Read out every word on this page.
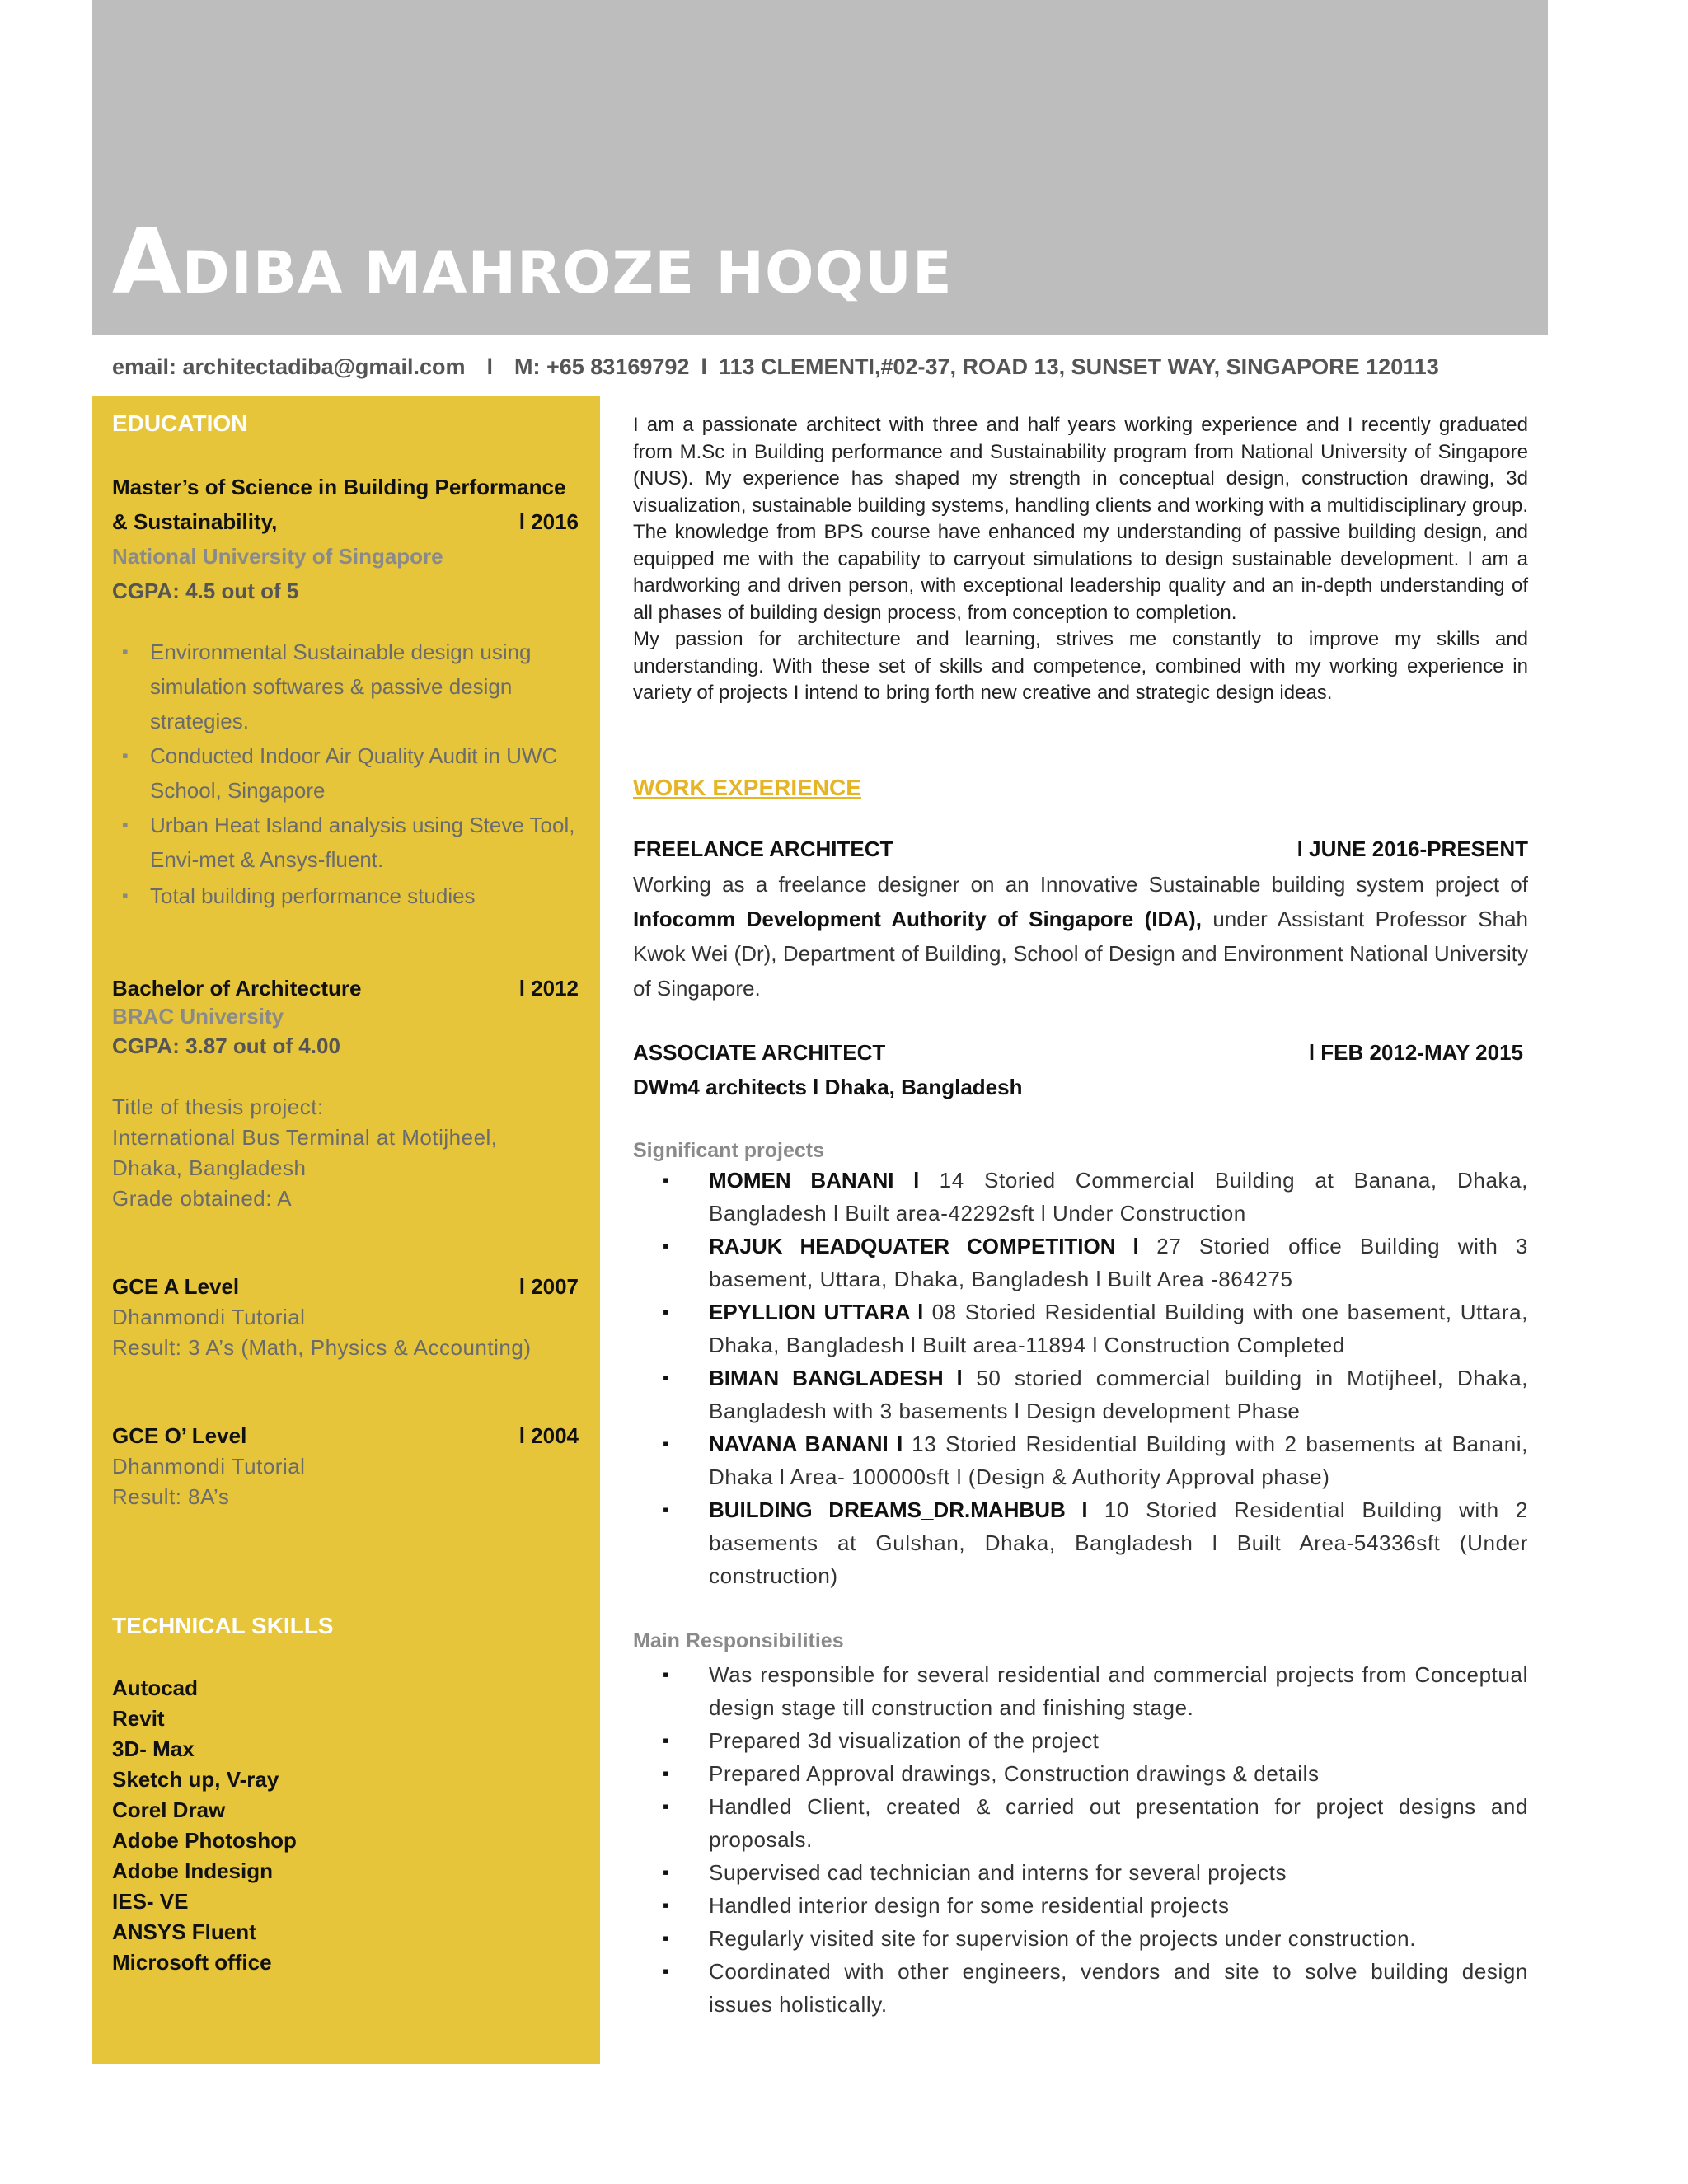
ADIBA MAHROZE HOQUE
email: architectadiba@gmail.com l M: +65 83169792 l 113 CLEMENTI,#02-37, ROAD 13, SUNSET WAY, SINGAPORE 120113
EDUCATION
Master’s of Science in Building Performance
& Sustainability,	l 2016
National University of Singapore
CGPA: 4.5 out of 5
▪ Environmental Sustainable design using simulation softwares & passive design strategies.
▪ Conducted Indoor Air Quality Audit in UWC School, Singapore
▪ Urban Heat Island analysis using Steve Tool, Envi-met & Ansys-fluent.
▪ Total building performance studies
Bachelor of Architecture	l 2012
BRAC University
CGPA: 3.87 out of 4.00
Title of thesis project:
International Bus Terminal at Motijheel,
Dhaka, Bangladesh
Grade obtained: A
GCE A Level	l 2007
Dhanmondi Tutorial
Result: 3 A’s (Math, Physics & Accounting)
GCE O’ Level	l 2004
Dhanmondi Tutorial
Result: 8A’s
TECHNICAL SKILLS
Autocad
Revit
3D- Max
Sketch up, V-ray
Corel Draw
Adobe Photoshop
Adobe Indesign
IES- VE
ANSYS Fluent
Microsoft office

I am a passionate architect with three and half years working experience and I recently graduated from M.Sc in Building performance and Sustainability program from National University of Singapore (NUS). My experience has shaped my strength in conceptual design, construction drawing, 3d visualization, sustainable building systems, handling clients and working with a multidisciplinary group. The knowledge from BPS course have enhanced my understanding of passive building design, and equipped me with the capability to carryout simulations to design sustainable development. I am a hardworking and driven person, with exceptional leadership quality and an in-depth understanding of all phases of building design process, from conception to completion.

My passion for architecture and learning, strives me constantly to improve my skills and understanding. With these set of skills and competence, combined with my working experience in variety of projects I intend to bring forth new creative and strategic design ideas.

WORK EXPERIENCE
FREELANCE ARCHITECT	l JUNE 2016-PRESENT
Working as a freelance designer on an Innovative Sustainable building system project of Infocomm Development Authority of Singapore (IDA), under Assistant Professor Shah Kwok Wei (Dr), Department of Building, School of Design and Environment National University of Singapore.
ASSOCIATE ARCHITECT	l FEB 2012-MAY 2015
DWm4 architects l Dhaka, Bangladesh
Significant projects
▪ MOMEN BANANI l 14 Storied Commercial Building at Banana, Dhaka, Bangladesh l Built area-42292sft l Under Construction
▪ RAJUK HEADQUATER COMPETITION l 27 Storied office Building with 3 basement, Uttara, Dhaka, Bangladesh l Built Area -864275
▪ EPYLLION UTTARA l 08 Storied Residential Building with one basement, Uttara, Dhaka, Bangladesh l Built area-11894 l Construction Completed
▪ BIMAN BANGLADESH l 50 storied commercial building in Motijheel, Dhaka, Bangladesh with 3 basements l Design development Phase
▪ NAVANA BANANI l 13 Storied Residential Building with 2 basements at Banani, Dhaka l Area- 100000sft l (Design & Authority Approval phase)
▪ BUILDING DREAMS_DR.MAHBUB l 10 Storied Residential Building with 2 basements at Gulshan, Dhaka, Bangladesh l Built Area-54336sft (Under construction)
Main Responsibilities
▪ Was responsible for several residential and commercial projects from Conceptual design stage till construction and finishing stage.
▪ Prepared 3d visualization of the project
▪ Prepared Approval drawings, Construction drawings & details
▪ Handled Client, created & carried out presentation for project designs and proposals.
▪ Supervised cad technician and interns for several projects
▪ Handled interior design for some residential projects
▪ Regularly visited site for supervision of the projects under construction.
▪ Coordinated with other engineers, vendors and site to solve building design issues holistically.
